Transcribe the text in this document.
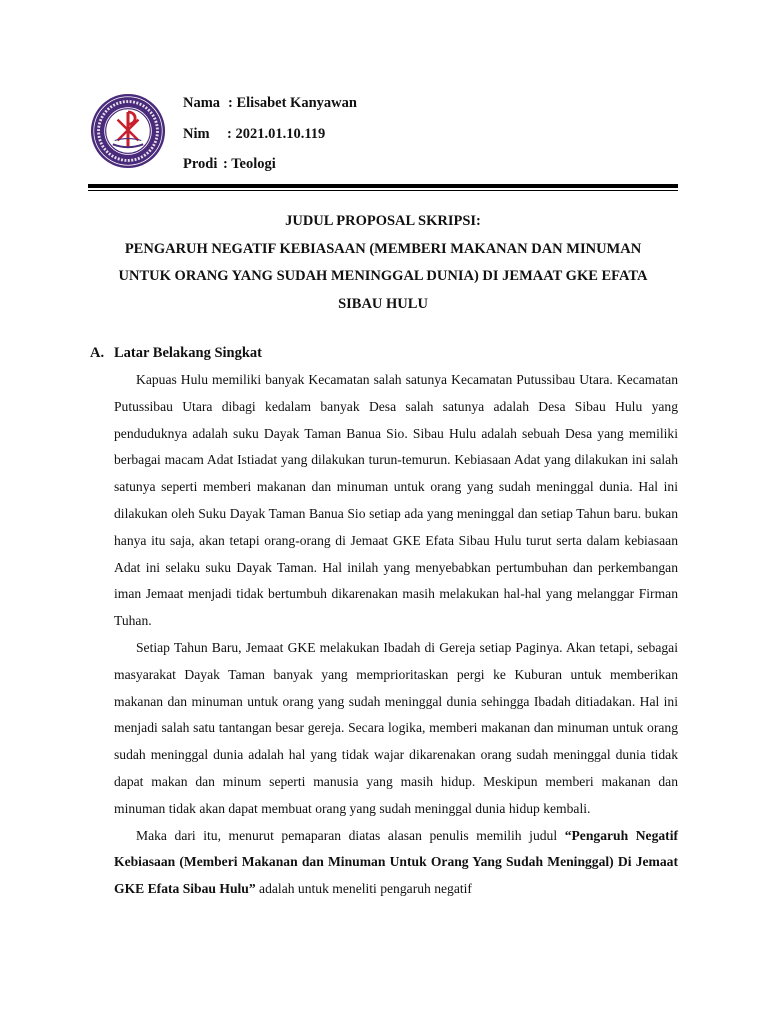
Nama : Elisabet Kanyawan
Nim : 2021.01.10.119
Prodi : Teologi
JUDUL PROPOSAL SKRIPSI:
PENGARUH NEGATIF KEBIASAAN (MEMBERI MAKANAN DAN MINUMAN
UNTUK ORANG YANG SUDAH MENINGGAL DUNIA) DI JEMAAT GKE EFATA
SIBAU HULU
A. Latar Belakang Singkat

Kapuas Hulu memiliki banyak Kecamatan salah satunya Kecamatan Putussibau Utara. Kecamatan Putussibau Utara dibagi kedalam banyak Desa salah satunya adalah Desa Sibau Hulu yang penduduknya adalah suku Dayak Taman Banua Sio. Sibau Hulu adalah sebuah Desa yang memiliki berbagai macam Adat Istiadat yang dilakukan turun-temurun. Kebiasaan Adat yang dilakukan ini salah satunya seperti memberi makanan dan minuman untuk orang yang sudah meninggal dunia. Hal ini dilakukan oleh Suku Dayak Taman Banua Sio setiap ada yang meninggal dan setiap Tahun baru. bukan hanya itu saja, akan tetapi orang-orang di Jemaat GKE Efata Sibau Hulu turut serta dalam kebiasaan Adat ini selaku suku Dayak Taman. Hal inilah yang menyebabkan pertumbuhan dan perkembangan iman Jemaat menjadi tidak bertumbuh dikarenakan masih melakukan hal-hal yang melanggar Firman Tuhan.

Setiap Tahun Baru, Jemaat GKE melakukan Ibadah di Gereja setiap Paginya. Akan tetapi, sebagai masyarakat Dayak Taman banyak yang memprioritaskan pergi ke Kuburan untuk memberikan makanan dan minuman untuk orang yang sudah meninggal dunia sehingga Ibadah ditiadakan. Hal ini menjadi salah satu tantangan besar gereja. Secara logika, memberi makanan dan minuman untuk orang sudah meninggal dunia adalah hal yang tidak wajar dikarenakan orang sudah meninggal dunia tidak dapat makan dan minum seperti manusia yang masih hidup. Meskipun memberi makanan dan minuman tidak akan dapat membuat orang yang sudah meninggal dunia hidup kembali.

Maka dari itu, menurut pemaparan diatas alasan penulis memilih judul “Pengaruh Negatif Kebiasaan (Memberi Makanan dan Minuman Untuk Orang Yang Sudah Meninggal) Di Jemaat GKE Efata Sibau Hulu” adalah untuk meneliti pengaruh negatif
